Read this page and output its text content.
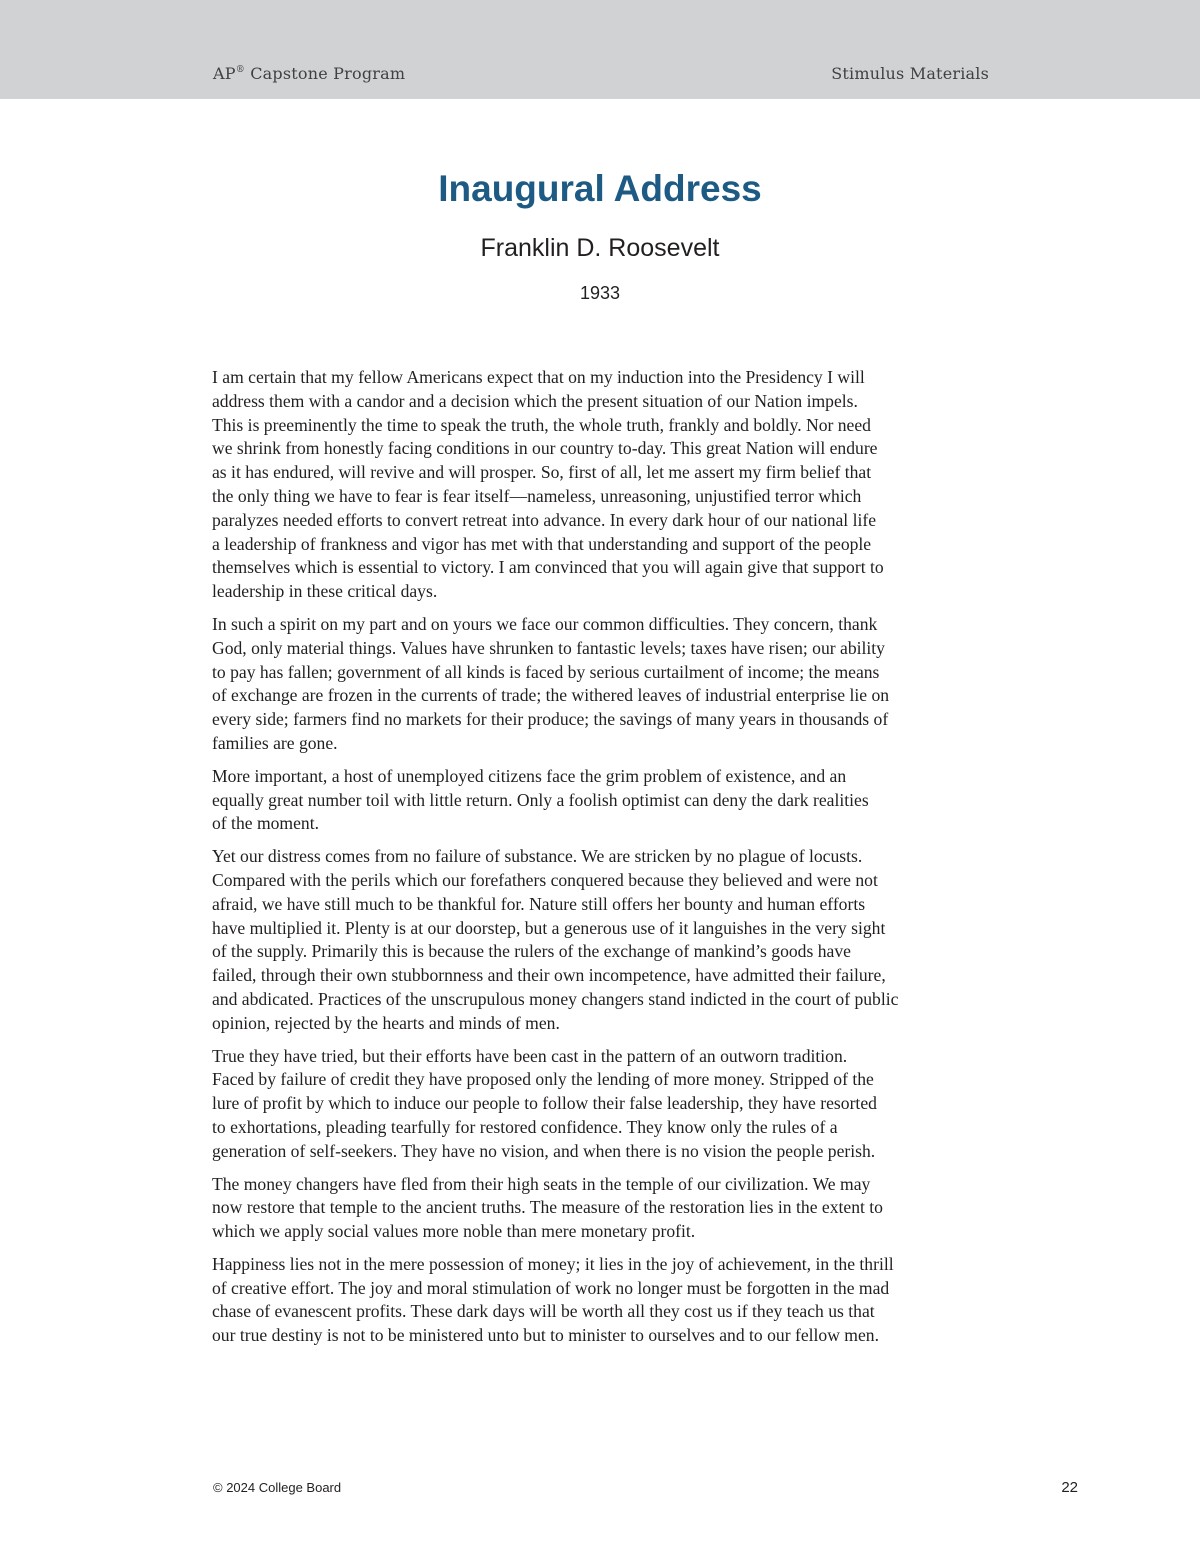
AP® Capstone Program	Stimulus Materials
Inaugural Address
Franklin D. Roosevelt
1933

I am certain that my fellow Americans expect that on my induction into the Presidency I will
address them with a candor and a decision which the present situation of our Nation impels.
This is preeminently the time to speak the truth, the whole truth, frankly and boldly. Nor need
we shrink from honestly facing conditions in our country to-day. This great Nation will endure
as it has endured, will revive and will prosper. So, first of all, let me assert my firm belief that
the only thing we have to fear is fear itself—nameless, unreasoning, unjustified terror which
paralyzes needed efforts to convert retreat into advance. In every dark hour of our national life
a leadership of frankness and vigor has met with that understanding and support of the people
themselves which is essential to victory. I am convinced that you will again give that support to
leadership in these critical days.

In such a spirit on my part and on yours we face our common difficulties. They concern, thank
God, only material things. Values have shrunken to fantastic levels; taxes have risen; our ability
to pay has fallen; government of all kinds is faced by serious curtailment of income; the means
of exchange are frozen in the currents of trade; the withered leaves of industrial enterprise lie on
every side; farmers find no markets for their produce; the savings of many years in thousands of
families are gone.

More important, a host of unemployed citizens face the grim problem of existence, and an
equally great number toil with little return. Only a foolish optimist can deny the dark realities
of the moment.

Yet our distress comes from no failure of substance. We are stricken by no plague of locusts.
Compared with the perils which our forefathers conquered because they believed and were not
afraid, we have still much to be thankful for. Nature still offers her bounty and human efforts
have multiplied it. Plenty is at our doorstep, but a generous use of it languishes in the very sight
of the supply. Primarily this is because the rulers of the exchange of mankind’s goods have
failed, through their own stubbornness and their own incompetence, have admitted their failure,
and abdicated. Practices of the unscrupulous money changers stand indicted in the court of public
opinion, rejected by the hearts and minds of men.

True they have tried, but their efforts have been cast in the pattern of an outworn tradition.
Faced by failure of credit they have proposed only the lending of more money. Stripped of the
lure of profit by which to induce our people to follow their false leadership, they have resorted
to exhortations, pleading tearfully for restored confidence. They know only the rules of a
generation of self-seekers. They have no vision, and when there is no vision the people perish.

The money changers have fled from their high seats in the temple of our civilization. We may
now restore that temple to the ancient truths. The measure of the restoration lies in the extent to
which we apply social values more noble than mere monetary profit.

Happiness lies not in the mere possession of money; it lies in the joy of achievement, in the thrill
of creative effort. The joy and moral stimulation of work no longer must be forgotten in the mad
chase of evanescent profits. These dark days will be worth all they cost us if they teach us that
our true destiny is not to be ministered unto but to minister to ourselves and to our fellow men.

© 2024 College Board	22
